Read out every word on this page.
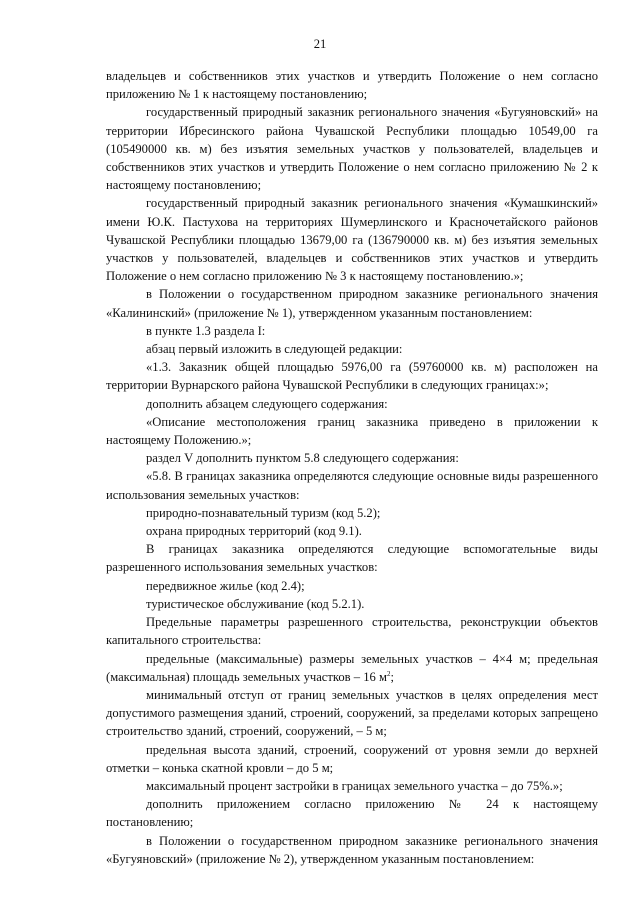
21

владельцев и собственников этих участков и утвердить Положение о нем согласно приложению № 1 к настоящему постановлению;

государственный природный заказник регионального значения «Бугуяновский» на территории Ибресинского района Чувашской Республики площадью 10549,00 га (105490000 кв. м) без изъятия земельных участков у пользователей, владельцев и собственников этих участков и утвердить Положение о нем согласно приложению № 2 к настоящему постановлению;

государственный природный заказник регионального значения «Кумашкинский» имени Ю.К. Пастухова на территориях Шумерлинского и Красночетайского районов Чувашской Республики площадью 13679,00 га (136790000 кв. м) без изъятия земельных участков у пользователей, владельцев и собственников этих участков и утвердить Положение о нем согласно приложению № 3 к настоящему постановлению.»;

в Положении о государственном природном заказнике регионального значения «Калининский» (приложение № 1), утвержденном указанным постановлением:

в пункте 1.3 раздела I:

абзац первый изложить в следующей редакции:

«1.3. Заказник общей площадью 5976,00 га (59760000 кв. м) расположен на территории Вурнарского района Чувашской Республики в следующих границах:»;

дополнить абзацем следующего содержания:

«Описание местоположения границ заказника приведено в приложении к настоящему Положению.»;

раздел V дополнить пунктом 5.8 следующего содержания:

«5.8. В границах заказника определяются следующие основные виды разрешенного использования земельных участков:

природно-познавательный туризм (код 5.2);

охрана природных территорий (код 9.1).

В границах заказника определяются следующие вспомогательные виды разрешенного использования земельных участков:

передвижное жилье (код 2.4);

туристическое обслуживание (код 5.2.1).

Предельные параметры разрешенного строительства, реконструкции объектов капитального строительства:

предельные (максимальные) размеры земельных участков – 4×4 м; предельная (максимальная) площадь земельных участков – 16 $м^2$;

минимальный отступ от границ земельных участков в целях определения мест допустимого размещения зданий, строений, сооружений, за пределами которых запрещено строительство зданий, строений, сооружений, – 5 м;

предельная высота зданий, строений, сооружений от уровня земли до верхней отметки – конька скатной кровли – до 5 м;

максимальный процент застройки в границах земельного участка – до 75%.»;

дополнить приложением согласно приложению № 24 к настоящему постановлению;

в Положении о государственном природном заказнике регионального значения «Бугуяновский» (приложение № 2), утвержденном указанным постановлением:
